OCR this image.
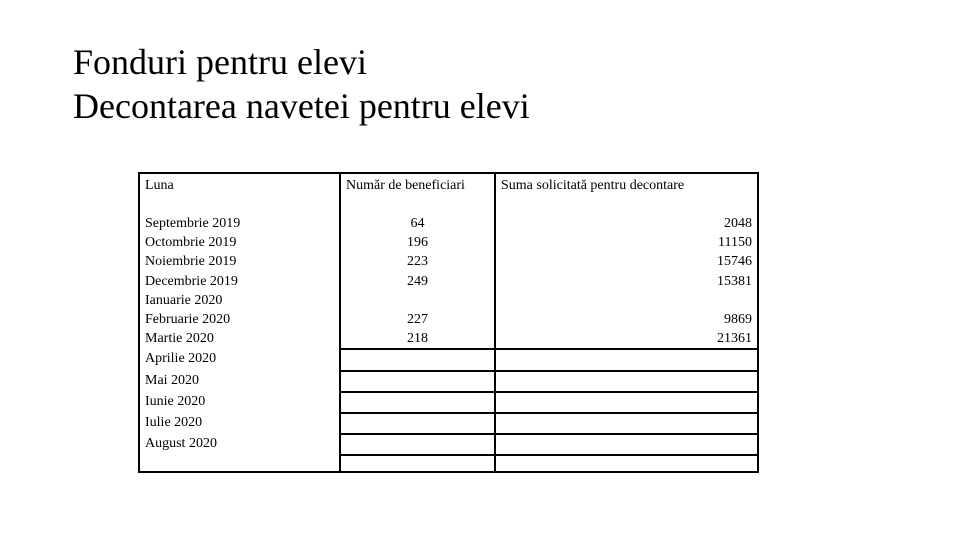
Fonduri pentru elevi
Decontarea navetei pentru elevi
Luna	Număr de beneficiari	Suma solicitată pentru decontare
Septembrie 2019	64	2048
Octombrie 2019	196	11150
Noiembrie 2019	223	15746
Decembrie 2019	249	15381
Ianuarie 2020		
Februarie 2020	227	9869
Martie 2020	218	21361
Aprilie 2020		
Mai 2020		
Iunie 2020		
Iulie 2020		
August 2020		
